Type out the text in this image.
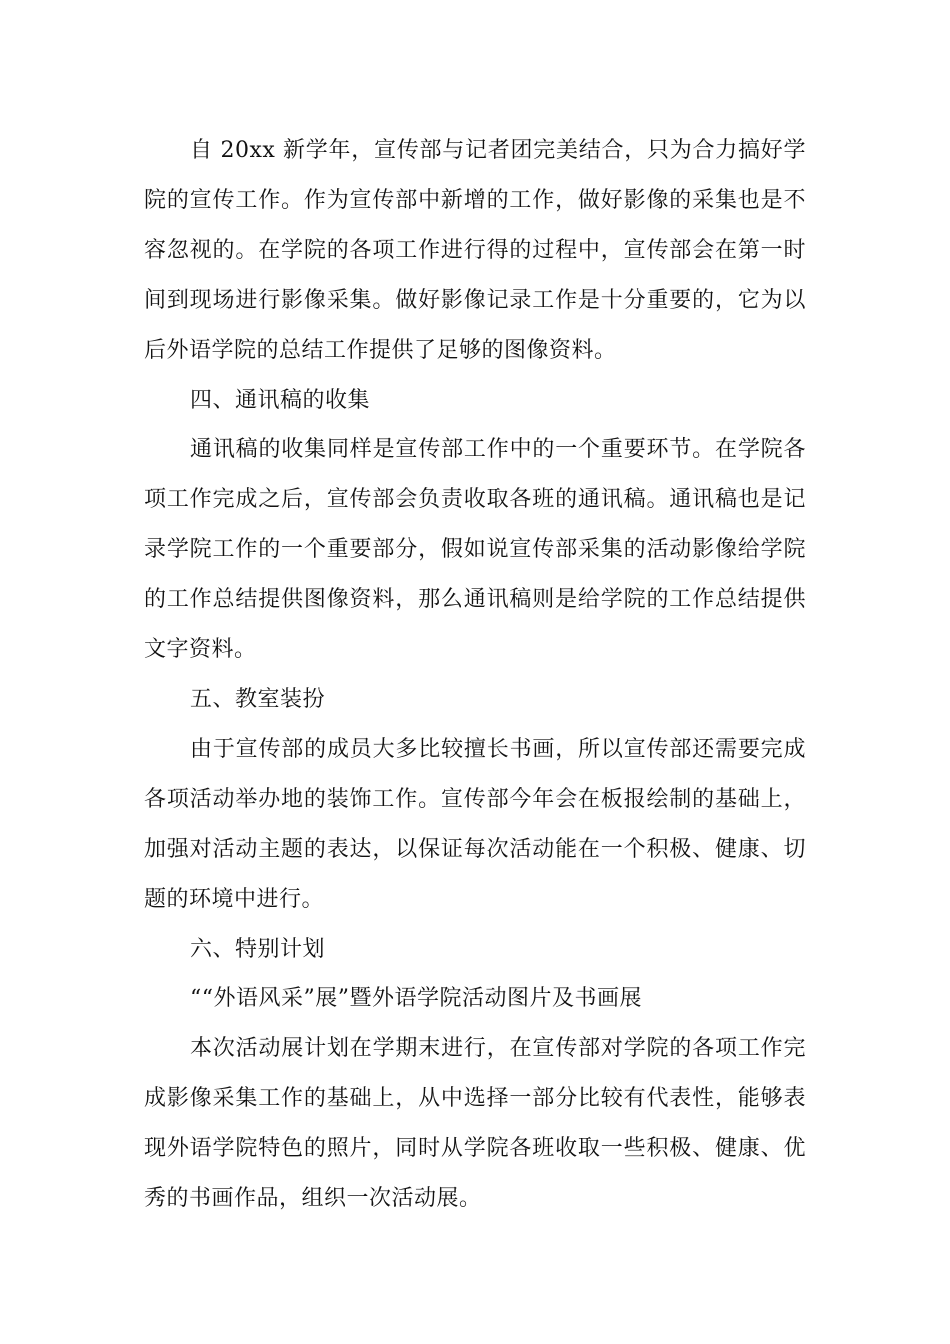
自 20xx 新学年，宣传部与记者团完美结合，只为合力搞好学院的宣传工作。作为宣传部中新增的工作，做好影像的采集也是不容忽视的。在学院的各项工作进行得的过程中，宣传部会在第一时间到现场进行影像采集。做好影像记录工作是十分重要的，它为以后外语学院的总结工作提供了足够的图像资料。

四、通讯稿的收集

通讯稿的收集同样是宣传部工作中的一个重要环节。在学院各项工作完成之后，宣传部会负责收取各班的通讯稿。通讯稿也是记录学院工作的一个重要部分，假如说宣传部采集的活动影像给学院的工作总结提供图像资料，那么通讯稿则是给学院的工作总结提供文字资料。

五、教室装扮

由于宣传部的成员大多比较擅长书画，所以宣传部还需要完成各项活动举办地的装饰工作。宣传部今年会在板报绘制的基础上，加强对活动主题的表达，以保证每次活动能在一个积极、健康、切题的环境中进行。

六、特别计划

““外语风采”展”暨外语学院活动图片及书画展

本次活动展计划在学期末进行，在宣传部对学院的各项工作完成影像采集工作的基础上，从中选择一部分比较有代表性，能够表现外语学院特色的照片，同时从学院各班收取一些积极、健康、优秀的书画作品，组织一次活动展。
